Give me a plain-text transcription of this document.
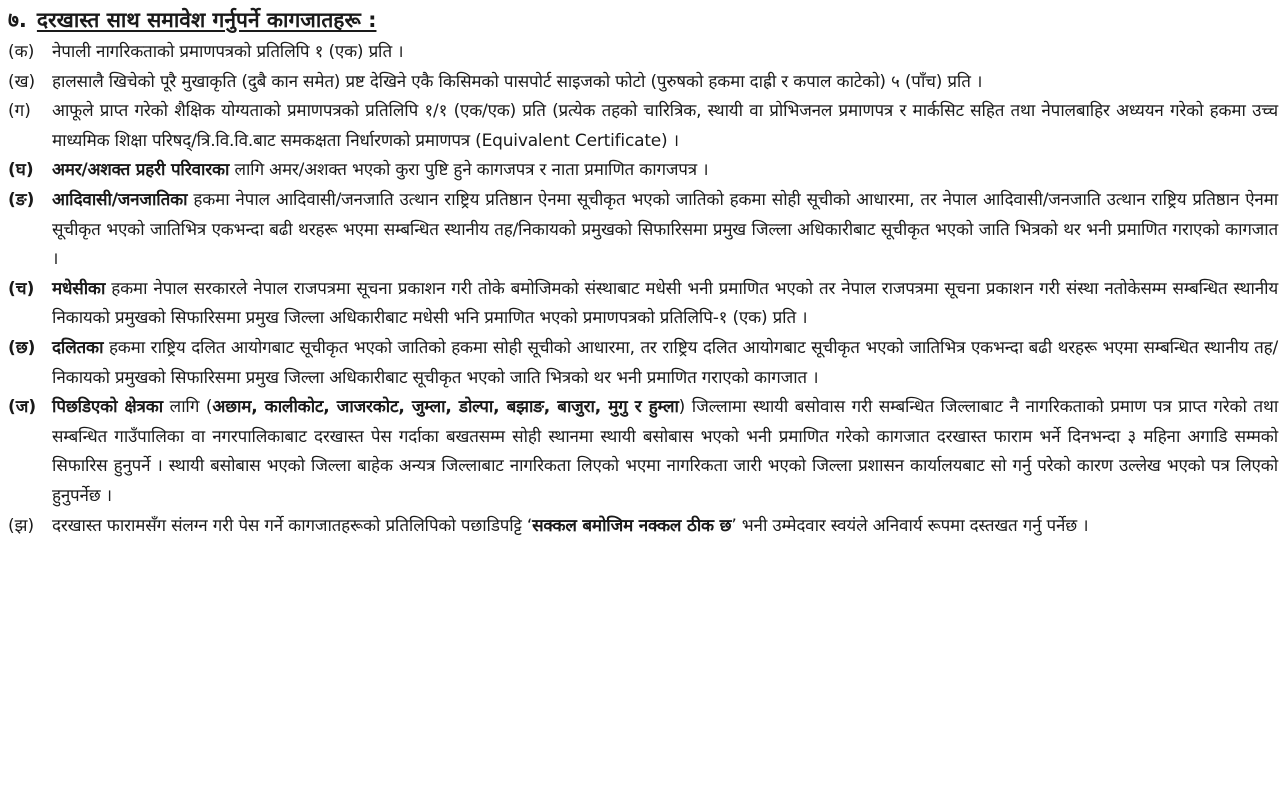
७. दरखास्त साथ समावेश गर्नुपर्ने कागजातहरू :
(क)	नेपाली नागरिकताको प्रमाणपत्रको प्रतिलिपि १ (एक) प्रति ।
(ख) हालसालै खिचेको पूरै मुखाकृति (दुबै कान समेत) प्रष्ट देखिने एकै किसिमको पासपोर्ट साइजको फोटो (पुरुषको हकमा दाह्री र कपाल काटेको) ५ (पाँच) प्रति ।
(ग)	आफूले प्राप्त गरेको शैक्षिक योग्यताको प्रमाणपत्रको प्रतिलिपि १/१ (एक/एक) प्रति (प्रत्येक तहको चारित्रिक, स्थायी वा प्रोभिजनल प्रमाणपत्र र मार्कसिट सहित तथा नेपालबाहिर अध्ययन गरेको हकमा उच्च माध्यमिक शिक्षा परिषद्/त्रि.वि.वि.बाट समकक्षता निर्धारणको प्रमाणपत्र (Equivalent Certificate) ।
(घ)	अमर/अशक्त प्रहरी परिवारका लागि अमर/अशक्त भएको कुरा पुष्टि हुने कागजपत्र र नाता प्रमाणित कागजपत्र ।
(ङ)	आदिवासी/जनजातिका हकमा नेपाल आदिवासी/जनजाति उत्थान राष्ट्रिय प्रतिष्ठान ऐनमा सूचीकृत भएको जातिको हकमा सोही सूचीको आधारमा, तर नेपाल आदिवासी/जनजाति उत्थान राष्ट्रिय प्रतिष्ठान ऐनमा सूचीकृत भएको जातिभित्र एकभन्दा बढी थरहरू भएमा सम्बन्धित स्थानीय तह/निकायको प्रमुखको सिफारिसमा प्रमुख जिल्ला अधिकारीबाट सूचीकृत भएको जाति भित्रको थर भनी प्रमाणित गराएको कागजात ।
(च)	मधेसीका हकमा नेपाल सरकारले नेपाल राजपत्रमा सूचना प्रकाशन गरी तोके बमोजिमको संस्थाबाट मधेसी भनी प्रमाणित भएको तर नेपाल राजपत्रमा सूचना प्रकाशन गरी संस्था नतोकेसम्म सम्बन्धित स्थानीय निकायको प्रमुखको सिफारिसमा प्रमुख जिल्ला अधिकारीबाट मधेसी भनि प्रमाणित भएको प्रमाणपत्रको प्रतिलिपि-१ (एक) प्रति ।
(छ) दलितका हकमा राष्ट्रिय दलित आयोगबाट सूचीकृत भएको जातिको हकमा सोही सूचीको आधारमा, तर राष्ट्रिय दलित आयोगबाट सूचीकृत भएको जातिभित्र एकभन्दा बढी थरहरू भएमा सम्बन्धित स्थानीय तह/निकायको प्रमुखको सिफारिसमा प्रमुख जिल्ला अधिकारीबाट सूचीकृत भएको जाति भित्रको थर भनी प्रमाणित गराएको कागजात ।
(ज) पिछडिएको क्षेत्रका लागि (अछाम, कालीकोट, जाजरकोट, जुम्ला, डोल्पा, बझाङ, बाजुरा, मुगु र हुम्ला) जिल्लामा स्थायी बसोवास गरी सम्बन्धित जिल्लाबाट नै नागरिकताको प्रमाण पत्र प्राप्त गरेको तथा सम्बन्धित गाउँपालिका वा नगरपालिकाबाट दरखास्त पेस गर्दाका बखतसम्म सोही स्थानमा स्थायी बसोबास भएको भनी प्रमाणित गरेको कागजात दरखास्त फाराम भर्ने दिनभन्दा ३ महिना अगाडि सम्मको सिफारिस हुनुपर्ने । स्थायी बसोबास भएको जिल्ला बाहेक अन्यत्र जिल्लाबाट नागरिकता लिएको भएमा नागरिकता जारी भएको जिल्ला प्रशासन कार्यालयबाट सो गर्नु परेको कारण उल्लेख भएको पत्र लिएको हुनुपर्नेछ ।
(झ)	दरखास्त फारामसँग संलग्न गरी पेस गर्ने कागजातहरूको प्रतिलिपिको पछाडिपट्टि ‘सक्कल बमोजिम नक्कल ठीक छ’ भनी उम्मेदवार स्वयंले अनिवार्य रूपमा दस्तखत गर्नु पर्नेछ ।
